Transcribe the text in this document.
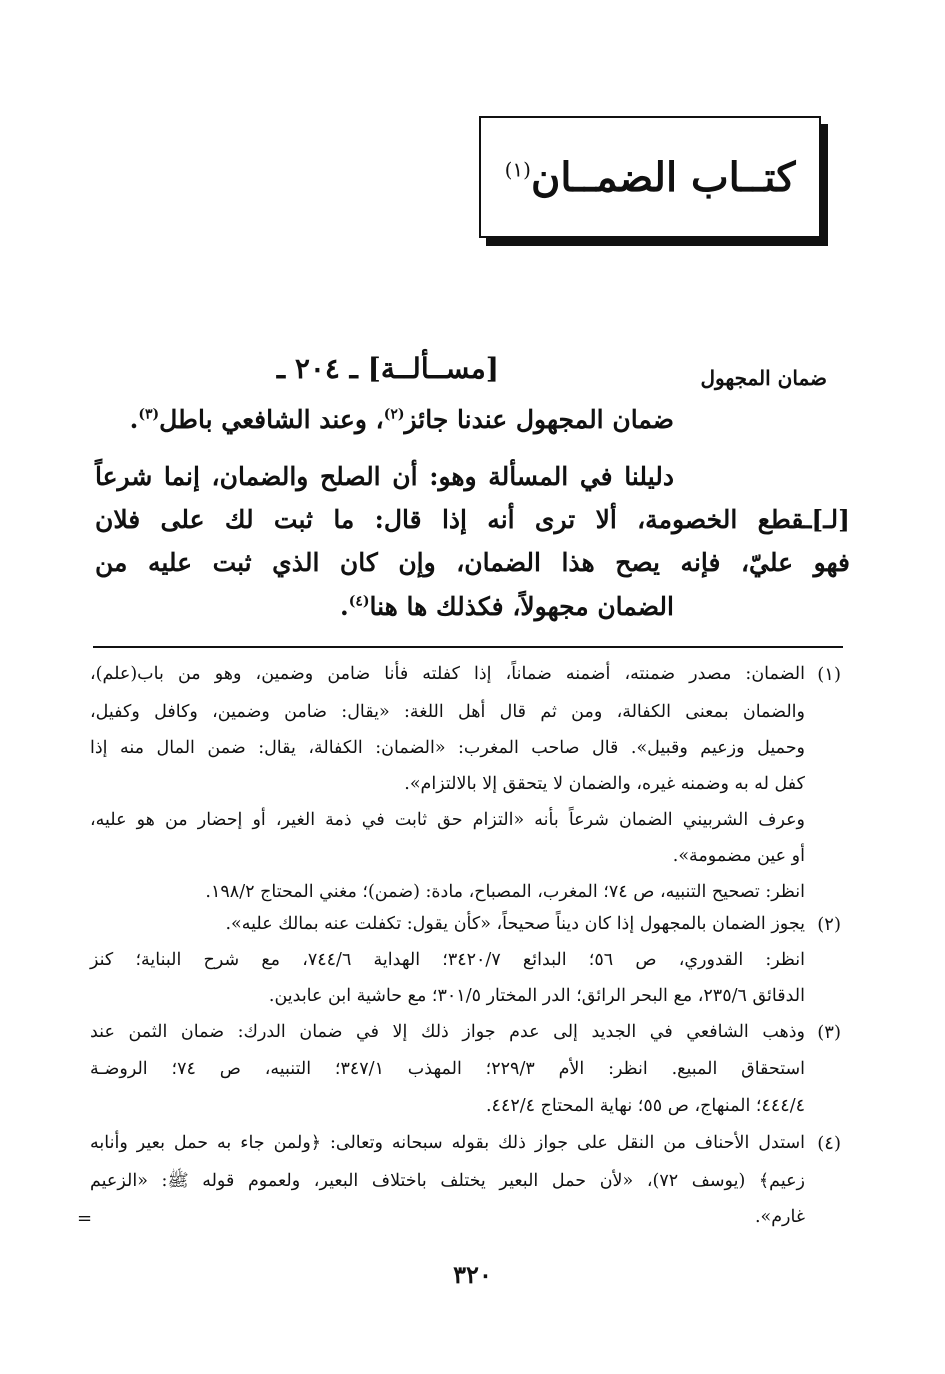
كتــاب الضمــان$^{(١)}$
ضمان المجهول
[مســألــة] ـ ٢٠٤ ـ
ضمان المجهول عندنا جائز$^{(٢)}$، وعند الشافعي باطل$^{(٣)}$.
دليلنا في المسألة وهو: أن الصلح والضمان، إنما شرعاً
[لـ]ـقطع الخصومة، ألا ترى أنه إذا قال: ما ثبت لك على فلان
فهو عليّ، فإنه يصح هذا الضمان، وإن كان الذي ثبت عليه من
الضمان مجهولاً، فكذلك ها هنا$^{(٤)}$.
(١)
الضمان: مصدر ضمنته، أضمنه ضماناً، إذا كفلته فأنا ضامن وضمين، وهو من باب(علم)،
والضمان بمعنى الكفالة، ومن ثم قال أهل اللغة: «يقال: ضامن وضمين، وكافل وكفيل،
وحميل وزعيم وقبيل». قال صاحب المغرب: «الضمان: الكفالة، يقال: ضمن المال منه إذا
كفل له به وضمنه غيره، والضمان لا يتحقق إلا بالالتزام».
وعرف الشربيني الضمان شرعاً بأنه «التزام حق ثابت في ذمة الغير، أو إحضار من هو عليه،
أو عين مضمومة».
انظر: تصحيح التنبيه، ص ٧٤؛ المغرب، المصباح، مادة: (ضمن)؛ مغني المحتاج ١٩٨/٢.
(٢)
يجوز الضمان بالمجهول إذا كان ديناً صحيحاً، «كأن يقول: تكفلت عنه بمالك عليه».
انظر: القدوري، ص ٥٦؛ البدائع ٣٤٢٠/٧؛ الهداية ٧٤٤/٦، مع شرح البناية؛ كنز
الدقائق ٢٣٥/٦، مع البحر الرائق؛ الدر المختار ٣٠١/٥؛ مع حاشية ابن عابدين.
(٣)
وذهب الشافعي في الجديد إلى عدم جواز ذلك إلا في ضمان الدرك: ضمان الثمن عند
استحقاق المبيع. انظر: الأم ٢٢٩/٣؛ المهذب ٣٤٧/١؛ التنبيه، ص ٧٤؛ الروضـة
٤٤٤/٤؛ المنهاج، ص ٥٥؛ نهاية المحتاج ٤٤٢/٤.
(٤)
استدل الأحناف من النقل على جواز ذلك بقوله سبحانه وتعالى: ﴿ولمن جاء به حمل بعير وأنابه
زعيم﴾ (يوسف ٧٢)، «لأن حمل البعير يختلف باختلاف البعير، ولعموم قوله ﷺ: «الزعيم
غارم».
=
٣٢٠
